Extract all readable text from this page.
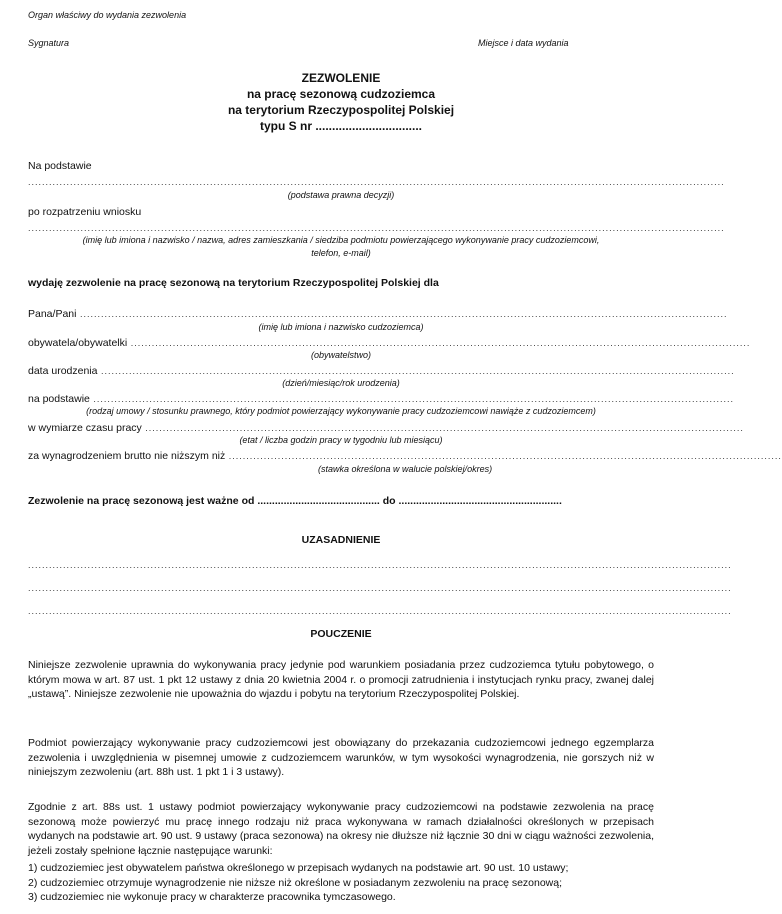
Organ właściwy do wydania zezwolenia
Sygnatura	Miejsce i data wydania
ZEZWOLENIE
na pracę sezonową cudzoziemca
na terytorium Rzeczypospolitej Polskiej
typu S nr ................................
Na podstawie
.......................................................................................................................................................................................................
(podstawa prawna decyzji)
po rozpatrzeniu wniosku
.......................................................................................................................................................................................................
(imię lub imiona i nazwisko / nazwa, adres zamieszkania / siedziba podmiotu powierzającego wykonywanie pracy cudzoziemcowi,
telefon, e-mail)
wydaję zezwolenie na pracę sezonową na terytorium Rzeczypospolitej Polskiej dla
Pana/Pani .........................................................................................................................................................................................
(imię lub imiona i nazwisko cudzoziemca)
obywatela/obywatelki .................................................................................................................................................................................
(obywatelstwo)
data urodzenia .....................................................................................................................................................................................
(dzień/miesiąc/rok urodzenia)
na podstawie .......................................................................................................................................................................................
(rodzaj umowy / stosunku prawnego, który podmiot powierzający wykonywanie pracy cudzoziemcowi nawiąże z cudzoziemcem)
w wymiarze czasu pracy ...........................................................................................................................................................................
(etat / liczba godzin pracy w tygodniu lub miesiącu)
za wynagrodzeniem brutto nie niższym niż ..............................................................................................................................................................
(stawka określona w walucie polskiej/okres)
Zezwolenie na pracę sezonową jest ważne od .......................................... do ........................................................
UZASADNIENIE
.........................................................................................................................................................................................................
.........................................................................................................................................................................................................
.........................................................................................................................................................................................................
POUCZENIE
Niniejsze zezwolenie uprawnia do wykonywania pracy jedynie pod warunkiem posiadania przez cudzoziemca tytułu pobytowego, o którym mowa w art. 87 ust. 1 pkt 12 ustawy z dnia 20 kwietnia 2004 r. o promocji zatrudnienia i instytucjach rynku pracy, zwanej dalej „ustawą”. Niniejsze zezwolenie nie upoważnia do wjazdu i pobytu na terytorium Rzeczypospolitej Polskiej.
Podmiot powierzający wykonywanie pracy cudzoziemcowi jest obowiązany do przekazania cudzoziemcowi jednego egzemplarza zezwolenia i uwzględnienia w pisemnej umowie z cudzoziemcem warunków, w tym wysokości wynagrodzenia, nie gorszych niż w niniejszym zezwoleniu (art. 88h ust. 1 pkt 1 i 3 ustawy).
Zgodnie z art. 88s ust. 1 ustawy podmiot powierzający wykonywanie pracy cudzoziemcowi na podstawie zezwolenia na pracę sezonową może powierzyć mu pracę innego rodzaju niż praca wykonywana w ramach działalności określonych w przepisach wydanych na podstawie art. 90 ust. 9 ustawy (praca sezonowa) na okresy nie dłuższe niż łącznie 30 dni w ciągu ważności zezwolenia, jeżeli zostały spełnione łącznie następujące warunki:
1) cudzoziemiec jest obywatelem państwa określonego w przepisach wydanych na podstawie art. 90 ust. 10 ustawy;
2) cudzoziemiec otrzymuje wynagrodzenie nie niższe niż określone w posiadanym zezwoleniu na pracę sezonową;
3) cudzoziemiec nie wykonuje pracy w charakterze pracownika tymczasowego.
